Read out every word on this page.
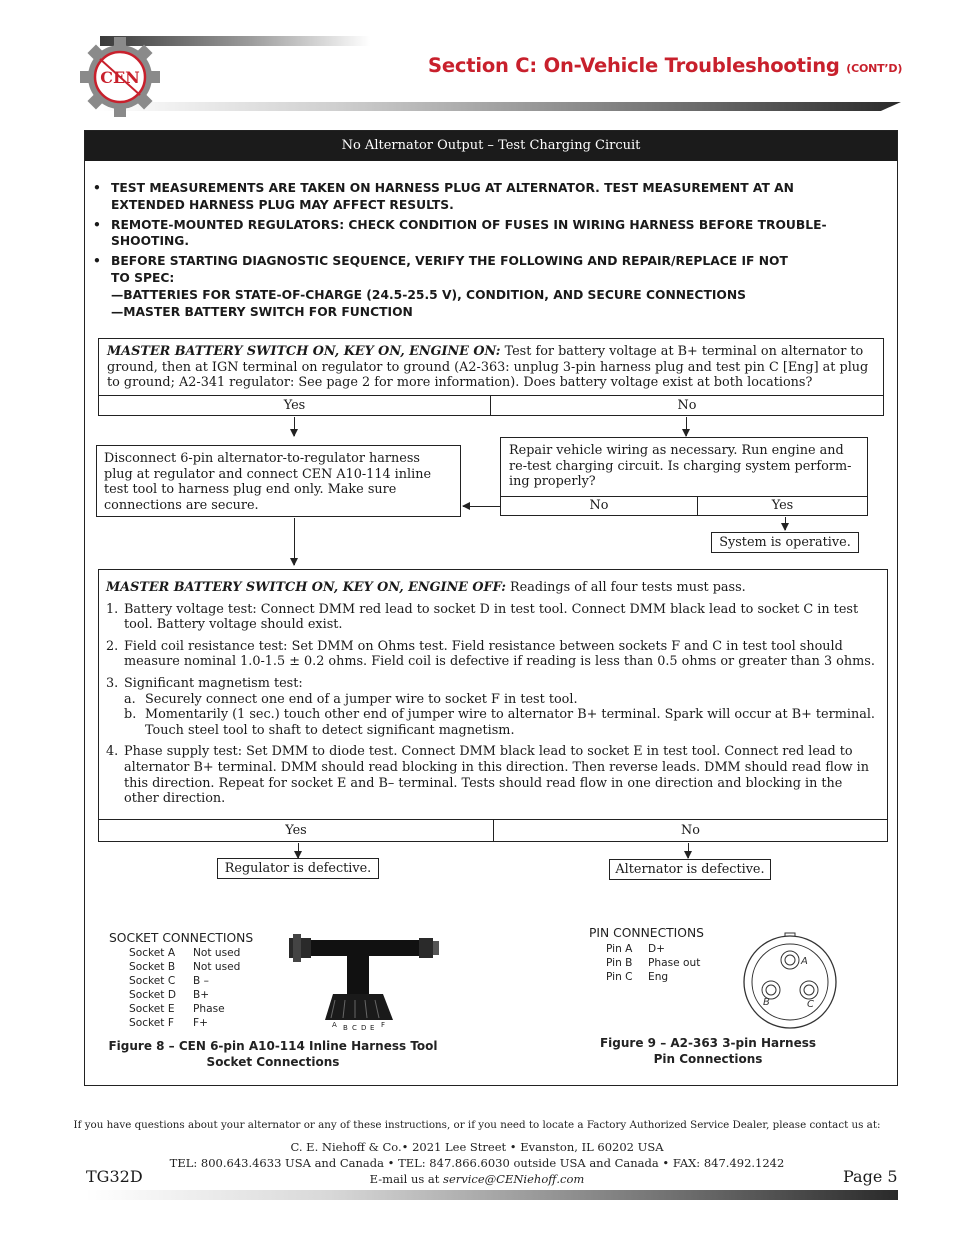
CEN
Section C: On-Vehicle Troubleshooting (CONT’D)
No Alternator Output – Test Charging Circuit
• TEST MEASUREMENTS ARE TAKEN ON HARNESS PLUG AT ALTERNATOR. TEST MEASUREMENT AT AN
EXTENDED HARNESS PLUG MAY AFFECT RESULTS.
• REMOTE-MOUNTED REGULATORS: CHECK CONDITION OF FUSES IN WIRING HARNESS BEFORE TROUBLE-
SHOOTING.
• BEFORE STARTING DIAGNOSTIC SEQUENCE, VERIFY THE FOLLOWING AND REPAIR/REPLACE IF NOT
TO SPEC:
—BATTERIES FOR STATE-OF-CHARGE (24.5-25.5 V), CONDITION, AND SECURE CONNECTIONS
—MASTER BATTERY SWITCH FOR FUNCTION
MASTER BATTERY SWITCH ON, KEY ON, ENGINE ON: Test for battery voltage at B+ terminal on alternator to ground, then at IGN terminal on regulator to ground (A2-363: unplug 3-pin harness plug and test pin C [Eng] at plug to ground; A2-341 regulator: See page 2 for more information). Does battery voltage exist at both locations?
Yes	No
Disconnect 6-pin alternator-to-regulator harness plug at regulator and connect CEN A10-114 inline test tool to harness plug end only. Make sure connections are secure.
Repair vehicle wiring as necessary. Run engine and re-test charging circuit. Is charging system perform-ing properly?
No	Yes
System is operative.
MASTER BATTERY SWITCH ON, KEY ON, ENGINE OFF: Readings of all four tests must pass.
1. Battery voltage test: Connect DMM red lead to socket D in test tool. Connect DMM black lead to socket C in test tool. Battery voltage should exist.
2. Field coil resistance test: Set DMM on Ohms test. Field resistance between sockets F and C in test tool should measure nominal 1.0-1.5 ± 0.2 ohms. Field coil is defective if reading is less than 0.5 ohms or greater than 3 ohms.
3. Significant magnetism test:
a. Securely connect one end of a jumper wire to socket F in test tool.
b. Momentarily (1 sec.) touch other end of jumper wire to alternator B+ terminal. Spark will occur at B+ terminal. Touch steel tool to shaft to detect significant magnetism.
4. Phase supply test: Set DMM to diode test. Connect DMM black lead to socket E in test tool. Connect red lead to alternator B+ terminal. DMM should read blocking in this direction. Then reverse leads. DMM should read flow in this direction. Repeat for socket E and B– terminal. Tests should read flow in one direction and blocking in the other direction.
Yes	No
Regulator is defective.	Alternator is defective.
SOCKET CONNECTIONS
Socket A	Not used
Socket B	Not used
Socket C	B –
Socket D	B+
Socket E	Phase
Socket F	F+	A B C D E F
Figure 8 – CEN 6-pin A10-114 Inline Harness Tool
Socket Connections
PIN CONNECTIONS
Pin A	D+
Pin B	Phase out
Pin C	Eng
A
B	C
Figure 9 – A2-363 3-pin Harness
Pin Connections
If you have questions about your alternator or any of these instructions, or if you need to locate a Factory Authorized Service Dealer, please contact us at:
C. E. Niehoff & Co.• 2021 Lee Street • Evanston, IL 60202 USA
TEL: 800.643.4633 USA and Canada • TEL: 847.866.6030 outside USA and Canada • FAX: 847.492.1242
E-mail us at service@CENiehoff.com
TG32D	Page 5
